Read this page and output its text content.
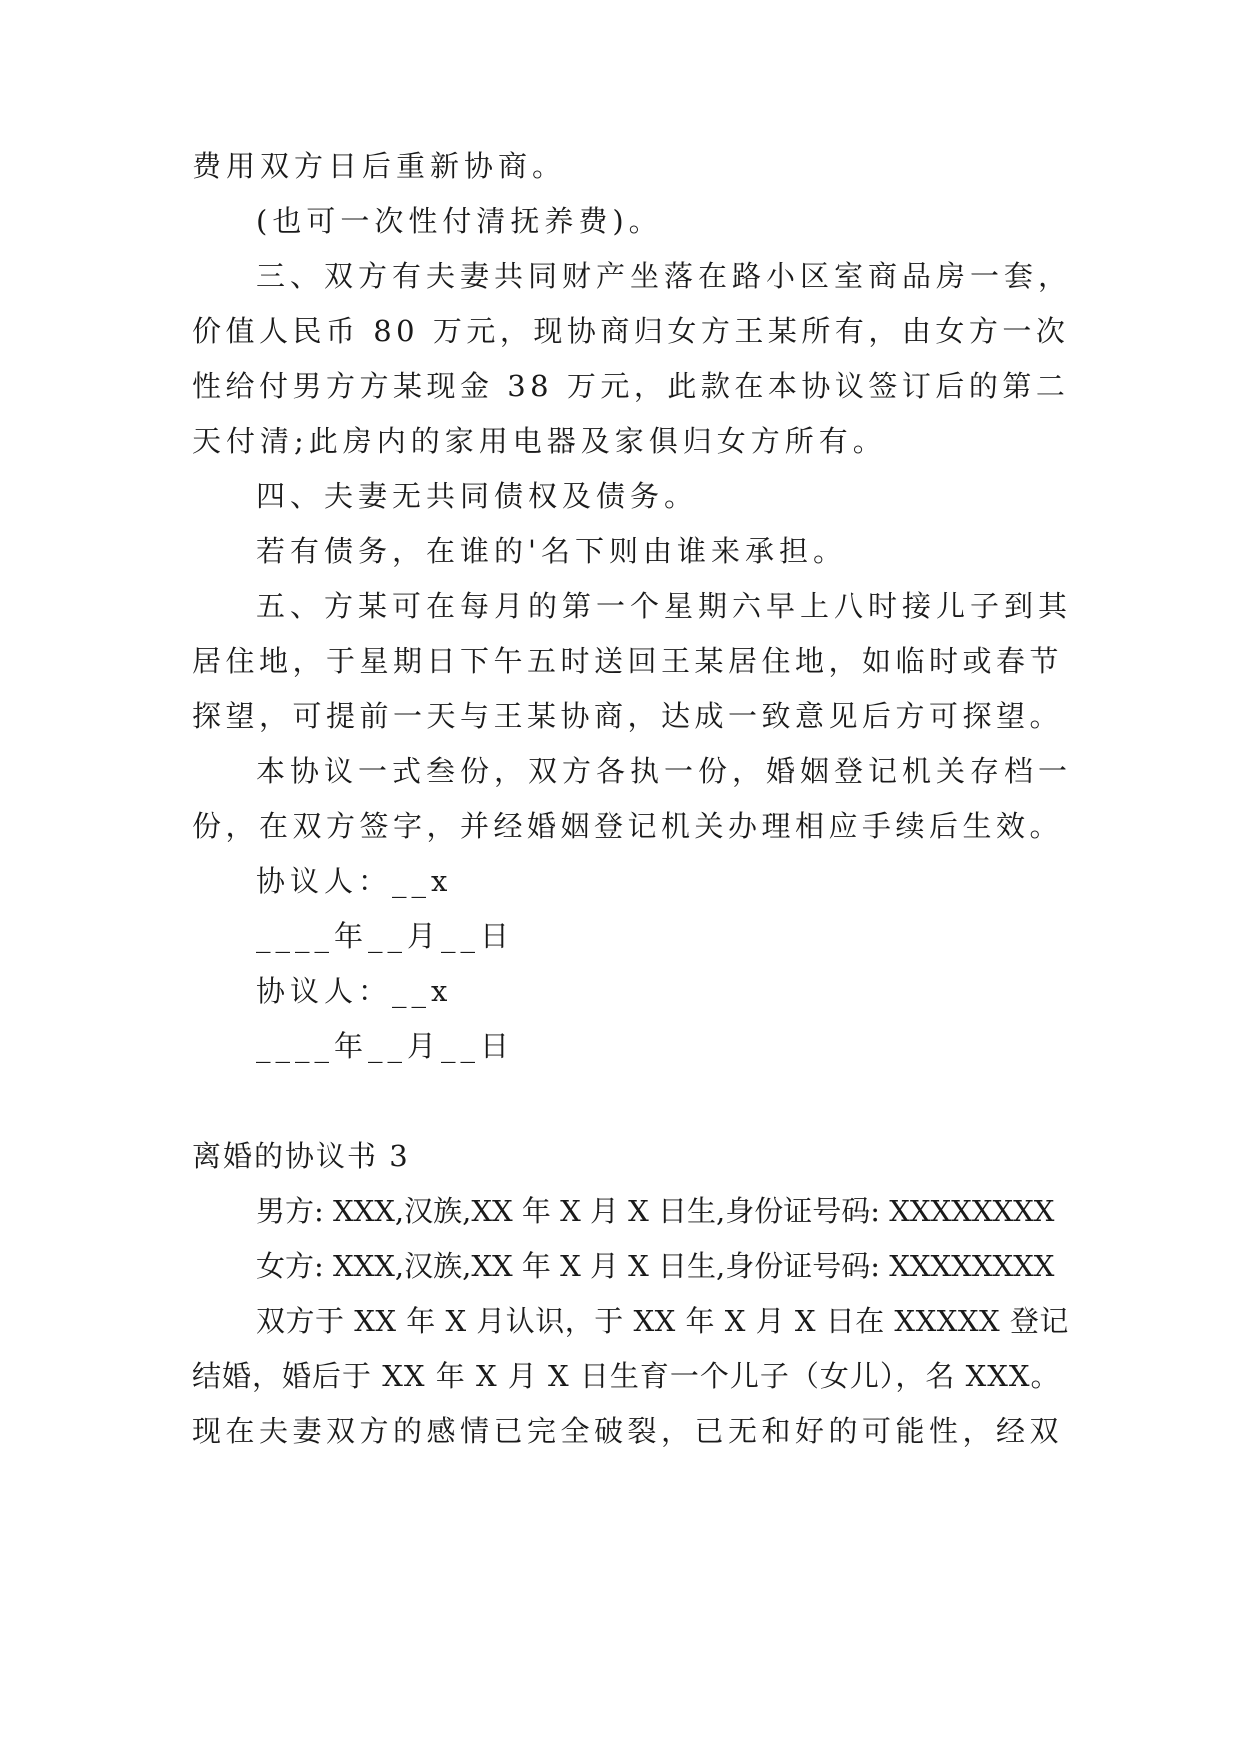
费用双方日后重新协商。
(也可一次性付清抚养费)。
三、双方有夫妻共同财产坐落在路小区室商品房一套，
价值人民币 80 万元，现协商归女方王某所有，由女方一次
性给付男方方某现金 38 万元，此款在本协议签订后的第二
天付清;此房内的家用电器及家俱归女方所有。
四、夫妻无共同债权及债务。
若有债务，在谁的'名下则由谁来承担。
五、方某可在每月的第一个星期六早上八时接儿子到其
居住地，于星期日下午五时送回王某居住地，如临时或春节
探望，可提前一天与王某协商，达成一致意见后方可探望。
本协议一式叁份，双方各执一份，婚姻登记机关存档一
份，在双方签字，并经婚姻登记机关办理相应手续后生效。
协议人：__x
____年__月__日
协议人：__x
____年__月__日
离婚的协议书 3
男方: XXX,汉族,XX 年 X 月 X 日生,身份证号码: XXXXXXXX
女方: XXX,汉族,XX 年 X 月 X 日生,身份证号码: XXXXXXXX
双方于 XX 年 X 月认识，于 XX 年 X 月 X 日在 XXXXX 登记
结婚，婚后于 XX 年 X 月 X 日生育一个儿子（女儿），名 XXX。
现在夫妻双方的感情已完全破裂，已无和好的可能性，经双
